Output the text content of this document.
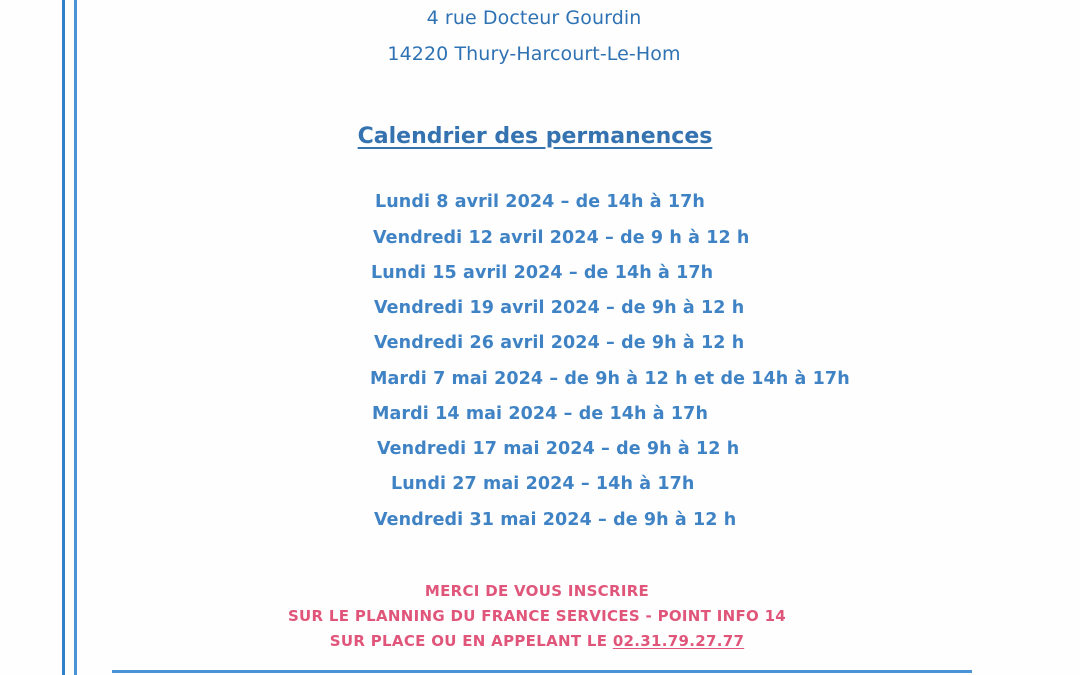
4 rue Docteur Gourdin
14220 Thury-Harcourt-Le-Hom
Calendrier des permanences
Lundi 8 avril 2024 – de 14h à 17h
Vendredi 12 avril 2024 – de 9 h à 12 h
Lundi 15 avril 2024 – de 14h à 17h
Vendredi 19 avril 2024 – de 9h à 12 h
Vendredi 26 avril 2024 – de 9h à 12 h
Mardi 7 mai 2024 – de 9h à 12 h et de 14h à 17h
Mardi 14 mai 2024 – de 14h à 17h
Vendredi 17 mai 2024 – de 9h à 12 h
Lundi 27 mai 2024 – 14h à 17h
Vendredi 31 mai 2024 – de 9h à 12 h
MERCI DE VOUS INSCRIRE
SUR LE PLANNING DU FRANCE SERVICES - POINT INFO 14
SUR PLACE OU EN APPELANT LE 02.31.79.27.77
